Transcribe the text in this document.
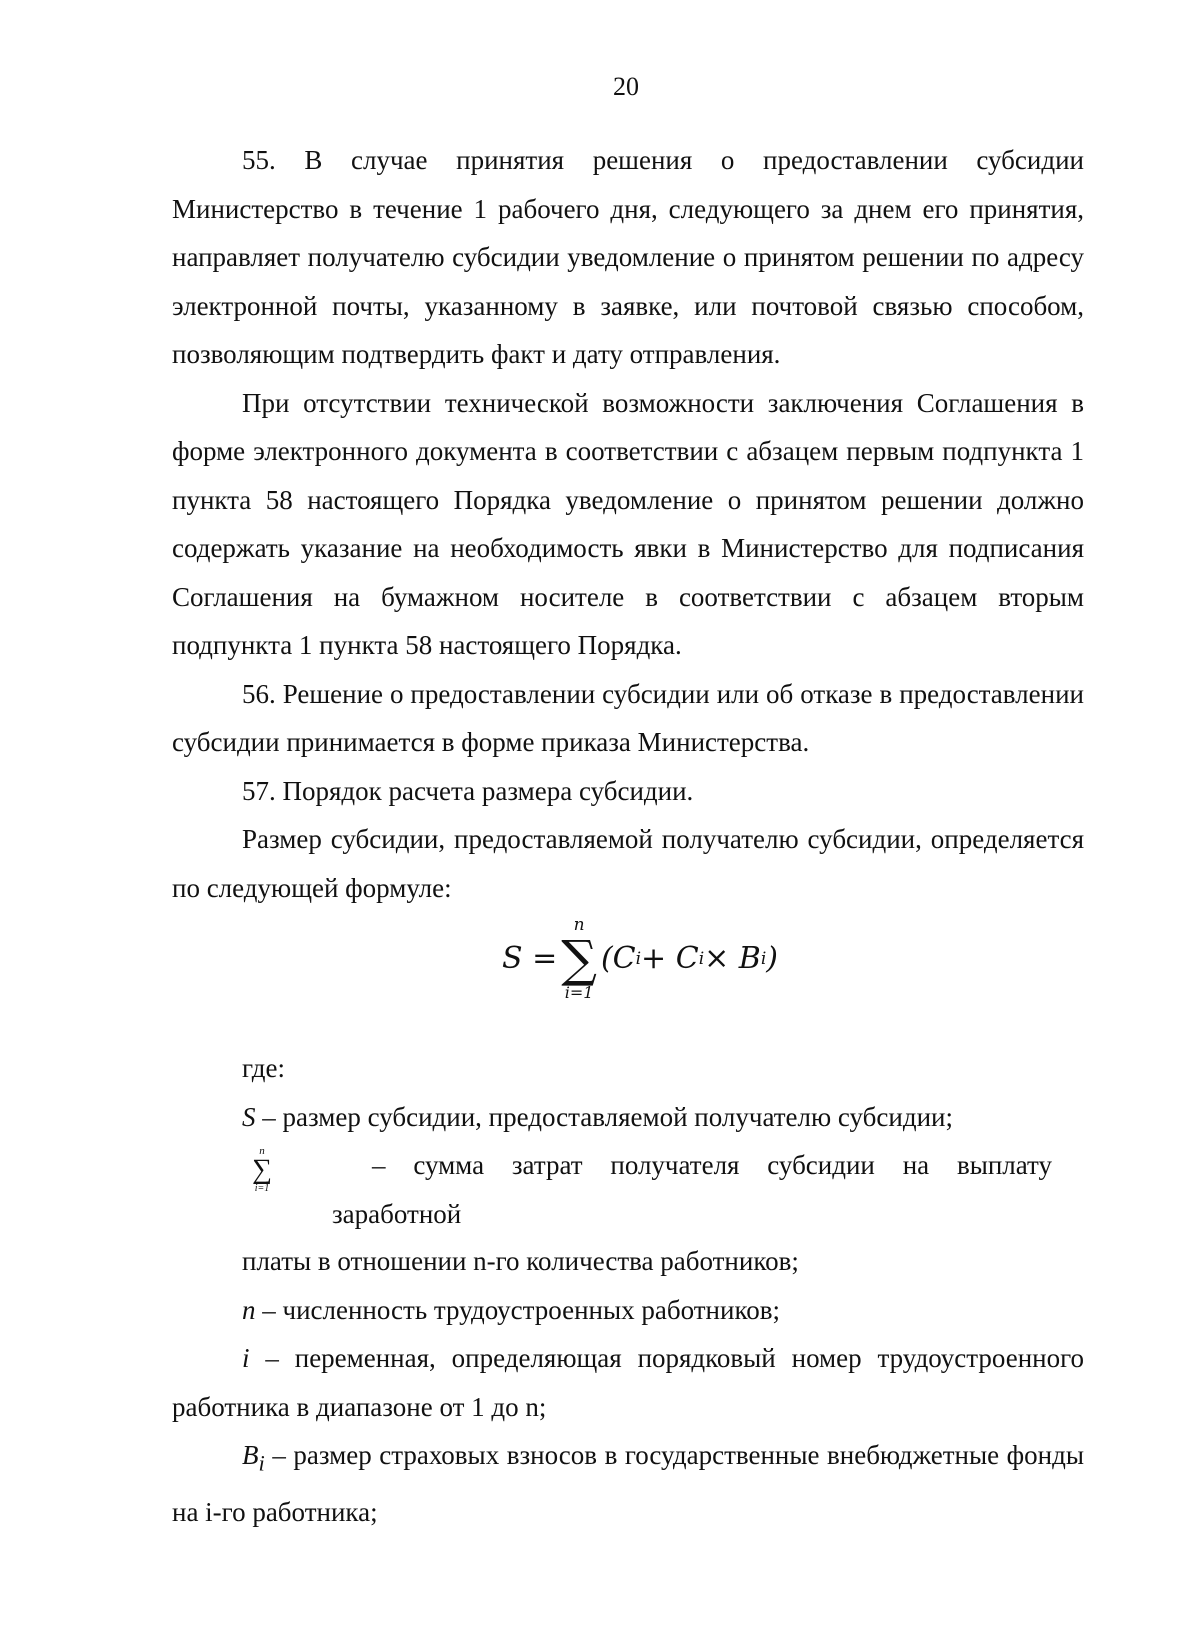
20

55. В случае принятия решения о предоставлении субсидии Министерство в течение 1 рабочего дня, следующего за днем его принятия, направляет получателю субсидии уведомление о принятом решении по адресу электронной почты, указанному в заявке, или почтовой связью способом, позволяющим подтвердить факт и дату отправления.

При отсутствии технической возможности заключения Соглашения в форме электронного документа в соответствии с абзацем первым подпункта 1 пункта 58 настоящего Порядка уведомление о принятом решении должно содержать указание на необходимость явки в Министерство для подписания Соглашения на бумажном носителе в соответствии с абзацем вторым подпункта 1 пункта 58 настоящего Порядка.

56. Решение о предоставлении субсидии или об отказе в предоставлении субсидии принимается в форме приказа Министерства.

57. Порядок расчета размера субсидии.

Размер субсидии, предоставляемой получателю субсидии, определяется по следующей формуле:

S =
n
∑
i=1
(C i + C i × B i )

где:

S – размер субсидии, предоставляемой получателю субсидии;

n
∑
i=1
– сумма затрат получателя субсидии на выплату
заработной

платы в отношении n-го количества работников;

n – численность трудоустроенных работников;

i – переменная, определяющая порядковый номер трудоустроенного работника в диапазоне от 1 до n;

$B_i$ – размер страховых взносов в государственные внебюджетные фонды на i-го работника;
